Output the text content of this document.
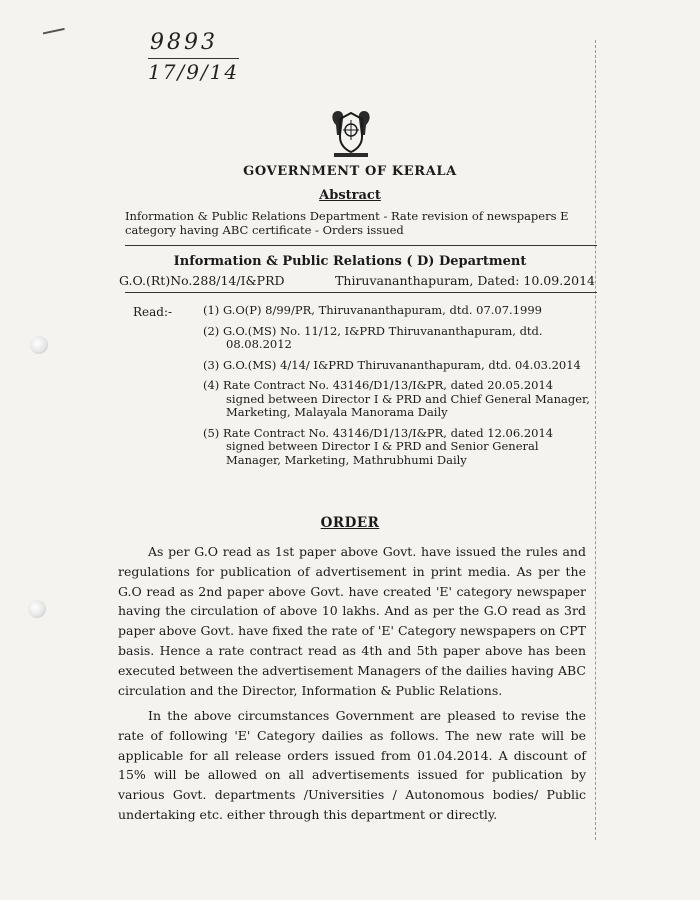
9893
17/9/14
GOVERNMENT OF KERALA
Abstract
Information & Public Relations Department - Rate revision of newspapers E category having ABC certificate - Orders issued
Information & Public Relations ( D) Department
G.O.(Rt)No.288/14/I&PRD	Thiruvananthapuram, Dated: 10.09.2014
Read:-	(1) G.O(P) 8/99/PR, Thiruvananthapuram, dtd. 07.07.1999
(2) G.O.(MS) No. 11/12, I&PRD Thiruvananthapuram, dtd. 08.08.2012
(3) G.O.(MS) 4/14/ I&PRD Thiruvananthapuram, dtd. 04.03.2014
(4) Rate Contract No. 43146/D1/13/I&PR, dated 20.05.2014 signed between Director I & PRD and Chief General Manager, Marketing, Malayala Manorama Daily
(5) Rate Contract No. 43146/D1/13/I&PR, dated 12.06.2014 signed between Director I & PRD and Senior General Manager, Marketing, Mathrubhumi Daily
ORDER

As per G.O read as 1st paper above Govt. have issued the rules and regulations for publication of advertisement in print media. As per the G.O read as 2nd paper above Govt. have created 'E' category newspaper having the circulation of above 10 lakhs. And as per the G.O read as 3rd paper above Govt. have fixed the rate of 'E' Category newspapers on CPT basis. Hence a rate contract read as 4th and 5th paper above has been executed between the advertisement Managers of the dailies having ABC circulation and the Director, Information & Public Relations.

In the above circumstances Government are pleased to revise the rate of following 'E' Category dailies as follows. The new rate will be applicable for all release orders issued from 01.04.2014. A discount of 15% will be allowed on all advertisements issued for publication by various Govt. departments /Universities / Autonomous bodies/ Public undertaking etc. either through this department or directly.
